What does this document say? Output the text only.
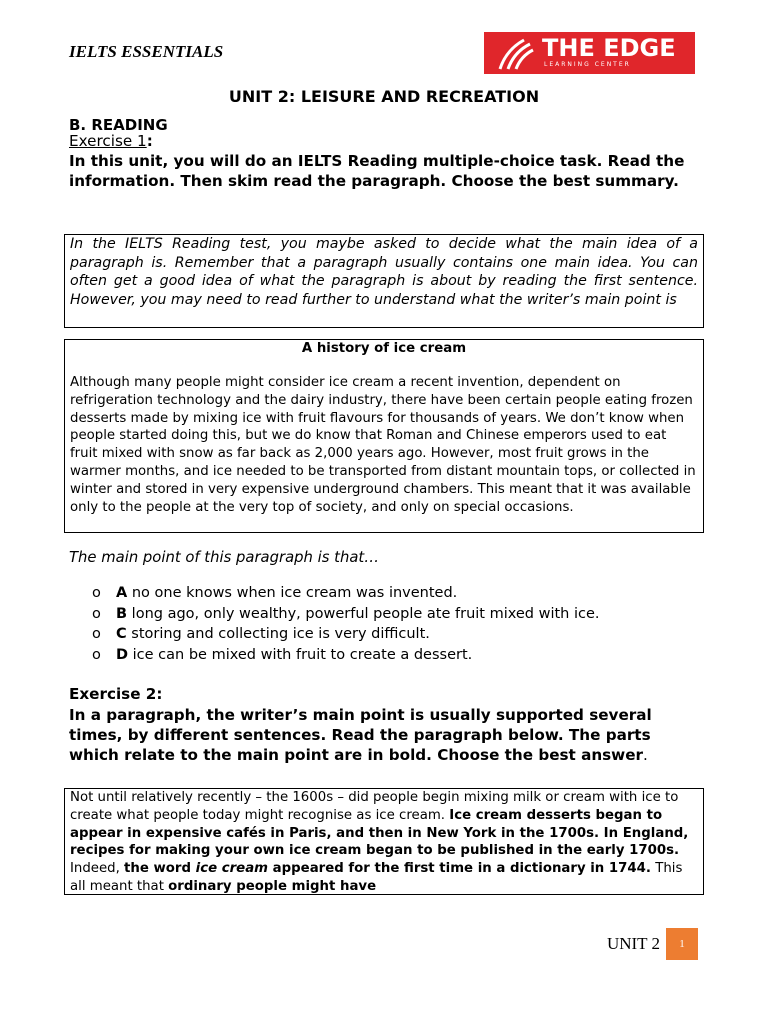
IELTS ESSENTIALS	THE EDGE
LEARNING CENTER
UNIT 2: LEISURE AND RECREATION
B. READING
Exercise 1:
In this unit, you will do an IELTS Reading multiple-choice task. Read the information. Then skim read the paragraph. Choose the best summary.
In the IELTS Reading test, you maybe asked to decide what the main idea of a paragraph is. Remember that a paragraph usually contains one main idea. You can often get a good idea of what the paragraph is about by reading the first sentence. However, you may need to read further to understand what the writer’s main point is
A history of ice cream
Although many people might consider ice cream a recent invention, dependent on refrigeration technology and the dairy industry, there have been certain people eating frozen desserts made by mixing ice with fruit flavours for thousands of years. We don’t know when people started doing this, but we do know that Roman and Chinese emperors used to eat fruit mixed with snow as far back as 2,000 years ago. However, most fruit grows in the warmer months, and ice needed to be transported from distant mountain tops, or collected in winter and stored in very expensive underground chambers. This meant that it was available only to the people at the very top of society, and only on special occasions.
The main point of this paragraph is that…
o A no one knows when ice cream was invented.
o B long ago, only wealthy, powerful people ate fruit mixed with ice.
o C storing and collecting ice is very difficult.
o D ice can be mixed with fruit to create a dessert.
Exercise 2:
In a paragraph, the writer’s main point is usually supported several times, by different sentences. Read the paragraph below. The parts which relate to the main point are in bold. Choose the best answer.
Not until relatively recently – the 1600s – did people begin mixing milk or cream with ice to create what people today might recognise as ice cream. Ice cream desserts began to appear in expensive cafés in Paris, and then in New York in the 1700s. In England, recipes for making your own ice cream began to be published in the early 1700s. Indeed, the word ice cream appeared for the first time in a dictionary in 1744. This all meant that ordinary people might have
UNIT 2	1
